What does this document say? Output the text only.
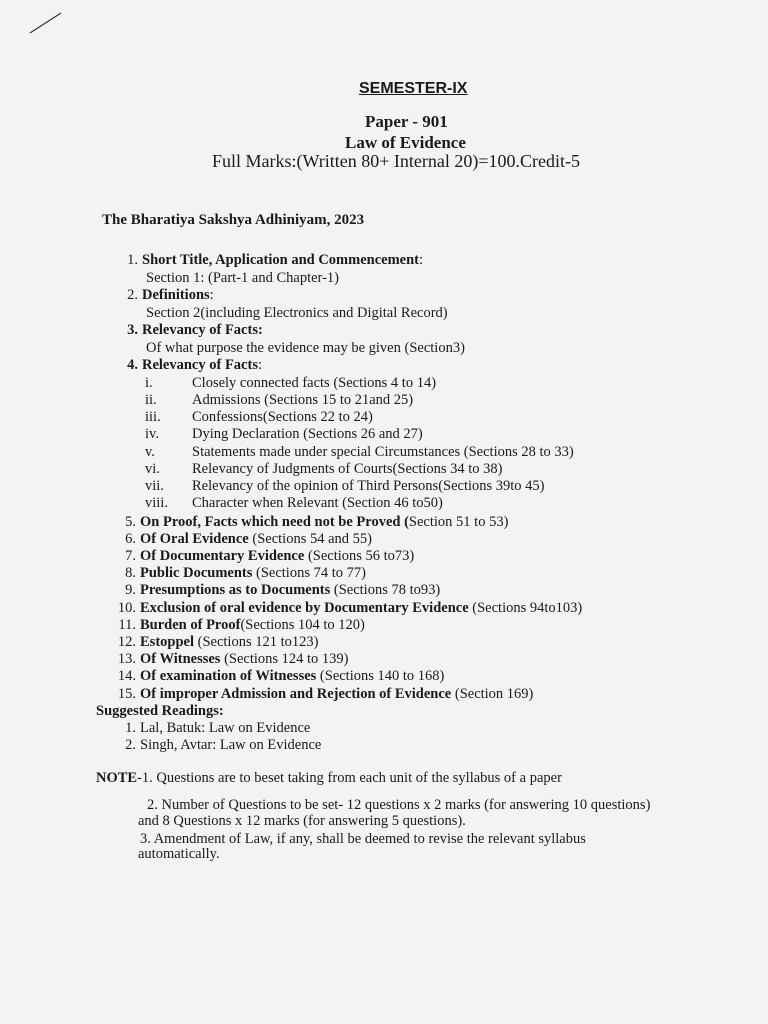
SEMESTER-IX
Paper - 901
Law of Evidence
Full Marks:(Written 80+ Internal 20)=100.Credit-5
The Bharatiya Sakshya Adhiniyam, 2023
1. Short Title, Application and Commencement:
Section 1: (Part-1 and Chapter-1)
2. Definitions:
Section 2(including Electronics and Digital Record)
3. Relevancy of Facts:
Of what purpose the evidence may be given (Section3)
4. Relevancy of Facts:
i.	Closely connected facts (Sections 4 to 14)
ii. Admissions (Sections 15 to 21and 25)
iii. Confessions(Sections 22 to 24)
iv. Dying Declaration (Sections 26 and 27)
v.	Statements made under special Circumstances (Sections 28 to 33)
vi. Relevancy of Judgments of Courts(Sections 34 to 38)
vii. Relevancy of the opinion of Third Persons(Sections 39to 45)
viii. Character when Relevant (Section 46 to50)
5. On Proof, Facts which need not be Proved (Section 51 to 53)
6. Of Oral Evidence (Sections 54 and 55)
7. Of Documentary Evidence (Sections 56 to73)
8. Public Documents (Sections 74 to 77)
9. Presumptions as to Documents (Sections 78 to93)
10. Exclusion of oral evidence by Documentary Evidence (Sections 94to103)
11. Burden of Proof(Sections 104 to 120)
12. Estoppel (Sections 121 to123)
13. Of Witnesses (Sections 124 to 139)
14. Of examination of Witnesses (Sections 140 to 168)
15. Of improper Admission and Rejection of Evidence (Section 169)
Suggested Readings:
1. Lal, Batuk: Law on Evidence
2. Singh, Avtar: Law on Evidence
NOTE-1. Questions are to beset taking from each unit of the syllabus of a paper
2. Number of Questions to be set- 12 questions x 2 marks (for answering 10 questions)
and 8 Questions x 12 marks (for answering 5 questions).
3. Amendment of Law, if any, shall be deemed to revise the relevant syllabus
automatically.
